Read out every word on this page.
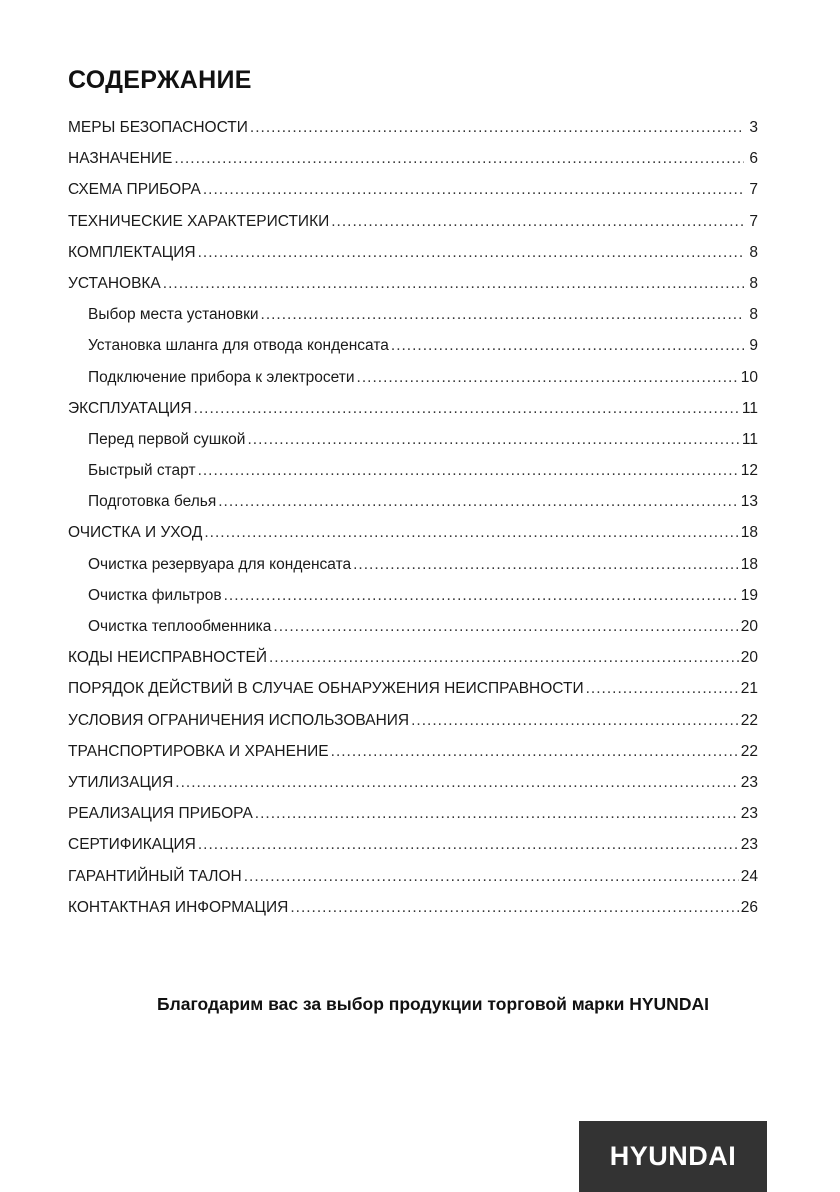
СОДЕРЖАНИЕ
МЕРЫ БЕЗОПАСНОСТИ .....	3
НАЗНАЧЕНИЕ .....	6
СХЕМА ПРИБОРА .....	7
ТЕХНИЧЕСКИЕ ХАРАКТЕРИСТИКИ .....	7
КОМПЛЕКТАЦИЯ .....	8
УСТАНОВКА .....	8
Выбор места установки .....	8
Установка шланга для отвода конденсата .....	9
Подключение прибора к электросети .....	10
ЭКСПЛУАТАЦИЯ .....	11
Перед первой сушкой .....	11
Быстрый старт .....	12
Подготовка белья .....	13
ОЧИСТКА И УХОД .....	18
Очистка резервуара для конденсата .....	18
Очистка фильтров .....	19
Очистка теплообменника .....	20
КОДЫ НЕИСПРАВНОСТЕЙ .....	20
ПОРЯДОК ДЕЙСТВИЙ В СЛУЧАЕ ОБНАРУЖЕНИЯ НЕИСПРАВНОСТИ .....	21
УСЛОВИЯ ОГРАНИЧЕНИЯ ИСПОЛЬЗОВАНИЯ .....	22
ТРАНСПОРТИРОВКА И ХРАНЕНИЕ .....	22
УТИЛИЗАЦИЯ .....	23
РЕАЛИЗАЦИЯ ПРИБОРА .....	23
СЕРТИФИКАЦИЯ .....	23
ГАРАНТИЙНЫЙ ТАЛОН .....	24
КОНТАКТНАЯ ИНФОРМАЦИЯ .....	26
Благодарим вас за выбор продукции торговой марки HYUNDAI
HYUNDAI
